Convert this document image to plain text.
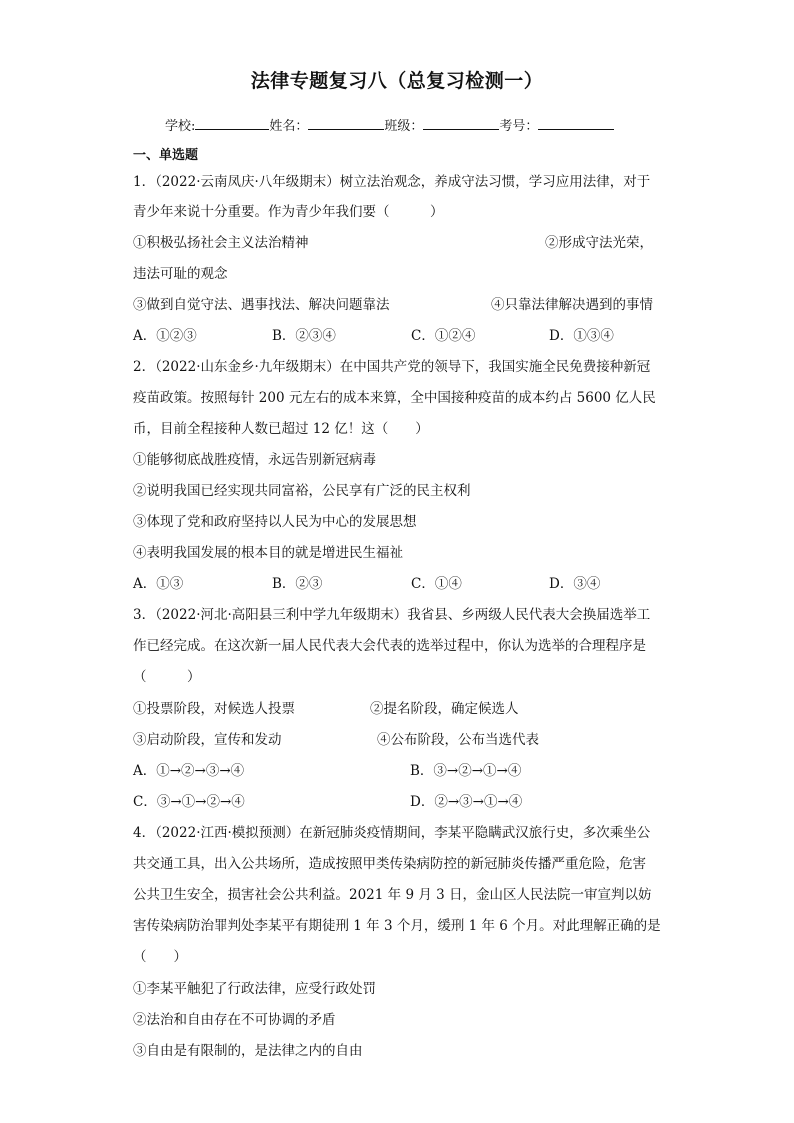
法律专题复习八（总复习检测一）
学校:	姓名：	班级：	考号：
一、单选题
1．（2022·云南凤庆·八年级期末）树立法治观念，养成守法习惯，学习应用法律，对于
青少年来说十分重要。作为青少年我们要（　　　）
①积极弘扬社会主义法治精神	②形成守法光荣，
违法可耻的观念
③做到自觉守法、遇事找法、解决问题靠法	④只靠法律解决遇到的事情
A．①②③	B．②③④	C．①②④	D．①③④
2．（2022·山东金乡·九年级期末）在中国共产党的领导下，我国实施全民免费接种新冠
疫苗政策。按照每针 200 元左右的成本来算，全中国接种疫苗的成本约占 5600 亿人民
币，目前全程接种人数已超过 12 亿！这（　　）
①能够彻底战胜疫情，永远告别新冠病毒
②说明我国已经实现共同富裕，公民享有广泛的民主权利
③体现了党和政府坚持以人民为中心的发展思想
④表明我国发展的根本目的就是增进民生福祉
A．①③	B．②③	C．①④	D．③④
3．（2022·河北·高阳县三利中学九年级期末）我省县、乡两级人民代表大会换届选举工
作已经完成。在这次新一届人民代表大会代表的选举过程中，你认为选举的合理程序是
（　　　）
①投票阶段，对候选人投票	②提名阶段，确定候选人
③启动阶段，宣传和发动	④公布阶段，公布当选代表
A．①→②→③→④	B．③→②→①→④
C．③→①→②→④	D．②→③→①→④
4．（2022·江西·模拟预测）在新冠肺炎疫情期间，李某平隐瞒武汉旅行史，多次乘坐公
共交通工具，出入公共场所，造成按照甲类传染病防控的新冠肺炎传播严重危险，危害
公共卫生安全，损害社会公共利益。2021 年 9 月 3 日，金山区人民法院一审宣判以妨
害传染病防治罪判处李某平有期徒刑 1 年 3 个月，缓刑 1 年 6 个月。对此理解正确的是
（　　）
①李某平触犯了行政法律，应受行政处罚
②法治和自由存在不可协调的矛盾
③自由是有限制的，是法律之内的自由
